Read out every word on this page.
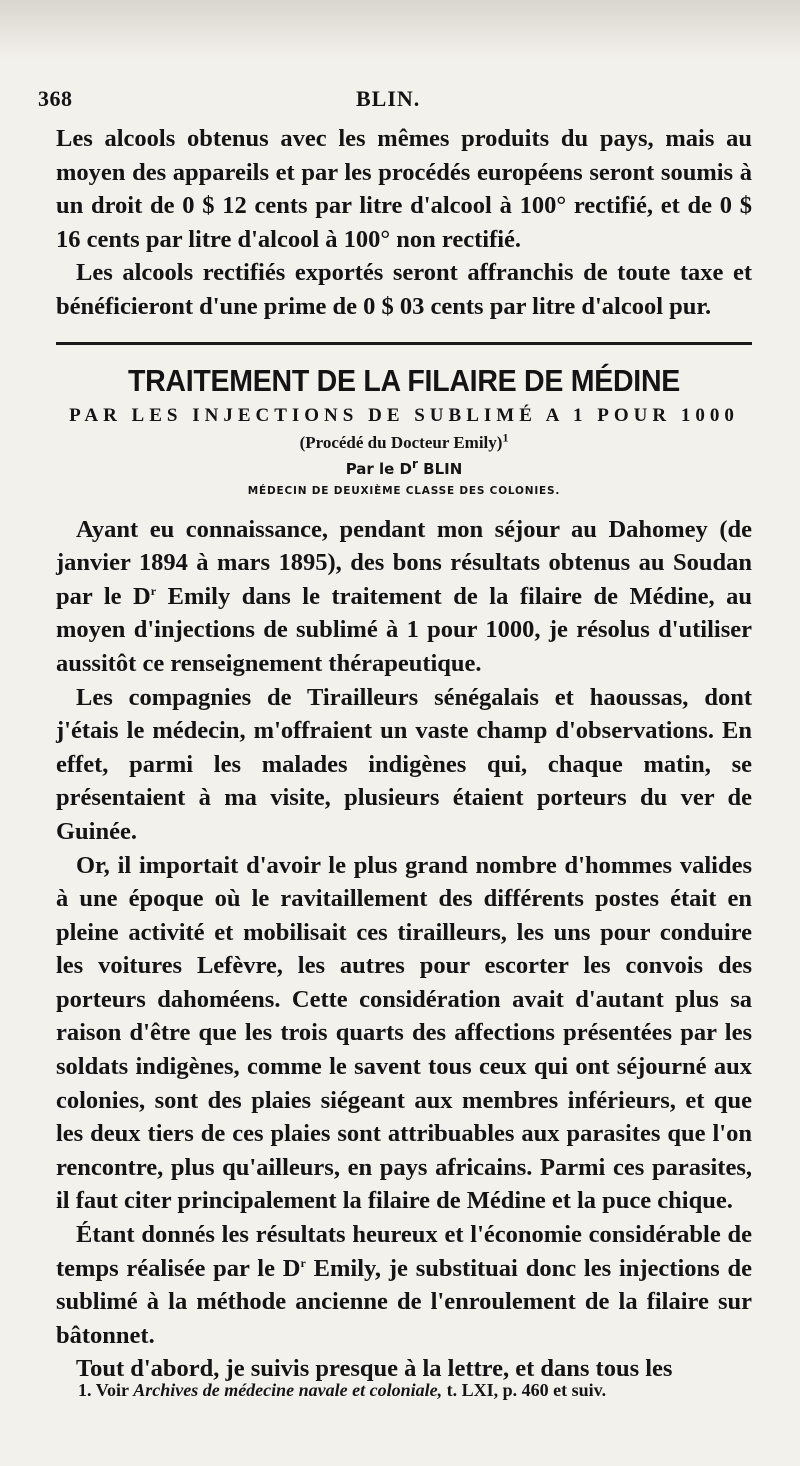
368	BLIN.

Les alcools obtenus avec les mêmes produits du pays, mais au moyen des appareils et par les procédés européens seront soumis à un droit de 0 $ 12 cents par litre d'alcool à 100° rectifié, et de 0 $ 16 cents par litre d'alcool à 100° non rectifié.

Les alcools rectifiés exportés seront affranchis de toute taxe et bénéficieront d'une prime de 0 $ 03 cents par litre d'alcool pur.

TRAITEMENT DE LA FILAIRE DE MÉDINE
PAR LES INJECTIONS DE SUBLIMÉ A 1 POUR 1000
(Procédé du Docteur Emily)$^1$
Par le $D^r$ BLIN
MÉDECIN DE DEUXIÈME CLASSE DES COLONIES.

Ayant eu connaissance, pendant mon séjour au Dahomey (de janvier 1894 à mars 1895), des bons résultats obtenus au Soudan par le $D^r$ Emily dans le traitement de la filaire de Médine, au moyen d'injections de sublimé à 1 pour 1000, je résolus d'utiliser aussitôt ce renseignement thérapeutique.

Les compagnies de Tirailleurs sénégalais et haoussas, dont j'étais le médecin, m'offraient un vaste champ d'observations. En effet, parmi les malades indigènes qui, chaque matin, se présentaient à ma visite, plusieurs étaient porteurs du ver de Guinée.

Or, il importait d'avoir le plus grand nombre d'hommes valides à une époque où le ravitaillement des différents postes était en pleine activité et mobilisait ces tirailleurs, les uns pour conduire les voitures Lefèvre, les autres pour escorter les convois des porteurs dahoméens. Cette considération avait d'autant plus sa raison d'être que les trois quarts des affections présentées par les soldats indigènes, comme le savent tous ceux qui ont séjourné aux colonies, sont des plaies siégeant aux membres inférieurs, et que les deux tiers de ces plaies sont attribuables aux parasites que l'on rencontre, plus qu'ailleurs, en pays africains. Parmi ces parasites, il faut citer principalement la filaire de Médine et la puce chique.

Étant donnés les résultats heureux et l'économie considérable de temps réalisée par le $D^r$ Emily, je substituai donc les injections de sublimé à la méthode ancienne de l'enroulement de la filaire sur bâtonnet.

Tout d'abord, je suivis presque à la lettre, et dans tous les

1. Voir Archives de médecine navale et coloniale, t. LXI, p. 460 et suiv.
